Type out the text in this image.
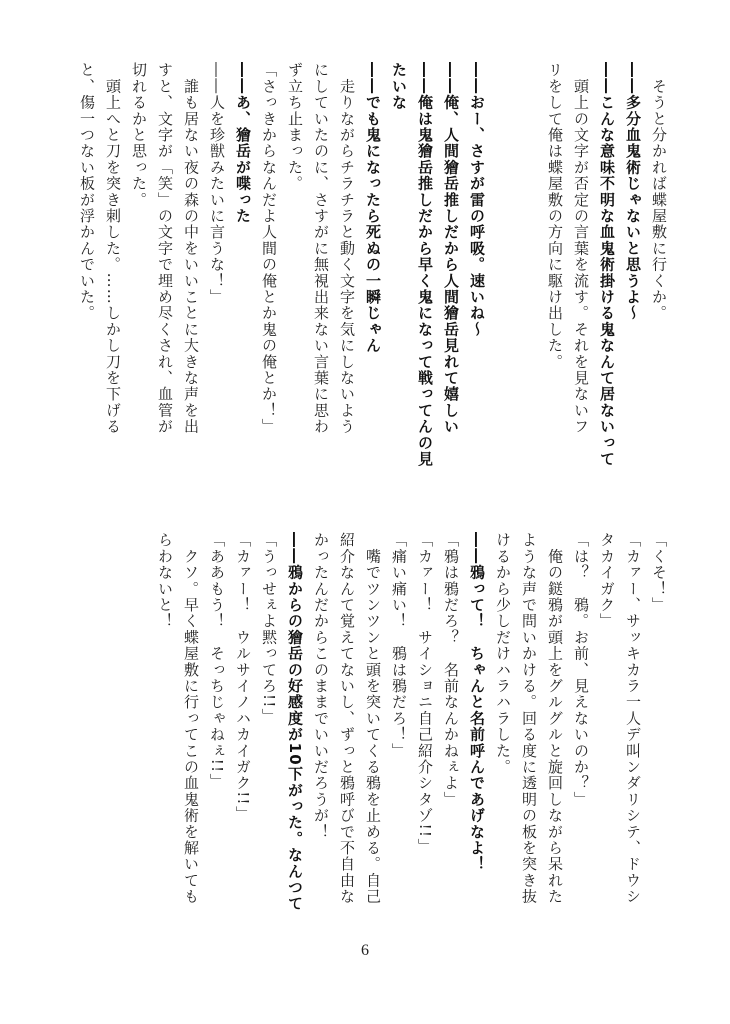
　そうと分かれば蝶屋敷に行くか。
――多分血鬼術じゃないと思うよ～
――こんな意味不明な血鬼術掛ける鬼なんて居ないって
　頭上の文字が否定の言葉を流す。それを見ないフ
リをして俺は蝶屋敷の方向に駆け出した。
――おー、さすが雷の呼吸。速いね～
――俺、人間獪岳推しだから人間獪岳見れて嬉しい
――俺は鬼獪岳推しだから早く鬼になって戦ってんの見
たいな
――でも鬼になったら死ぬの一瞬じゃん
　走りながらチラチラと動く文字を気にしないよう
にしていたのに、さすがに無視出来ない言葉に思わ
ず立ち止まった。
「さっきからなんだよ人間の俺とか鬼の俺とか！」
――あ、獪岳が喋った
――人を珍獣みたいに言うな！」
　誰も居ない夜の森の中をいいことに大きな声を出
すと、文字が「笑」の文字で埋め尽くされ、血管が
切れるかと思った。
　頭上へと刀を突き刺した。……しかし刀を下げる
と、傷一つない板が浮かんでいた。
「くそ！」
「カァー、サッキカラ一人デ叫ンダリシテ、ドウシ
タカイガク」
「は？　鴉。お前、見えないのか？」
　俺の鎹鴉が頭上をグルグルと旋回しながら呆れた
ような声で問いかける。回る度に透明の板を突き抜
けるから少しだけハラハラした。
――鴉って！　ちゃんと名前呼んであげなよ！
「鴉は鴉だろ？　名前なんかねぇよ」
「カァー！　サイショニ自己紹介シタゾ!!」
「痛い痛い！　鴉は鴉だろ！」
　嘴でツンツンと頭を突いてくる鴉を止める。自己
紹介なんて覚えてないし、ずっと鴉呼びで不自由な
かったんだからこのままでいいだろうが！
――鴉からの獪岳の好感度が10下がった。なんつて
「うっせぇよ黙ってろ!!」
「カァー！　ウルサイノハカイガク!!」
「ああもう！　そっちじゃねぇ!!」
　クソ。早く蝶屋敷に行ってこの血鬼術を解いても
らわないと！
6
